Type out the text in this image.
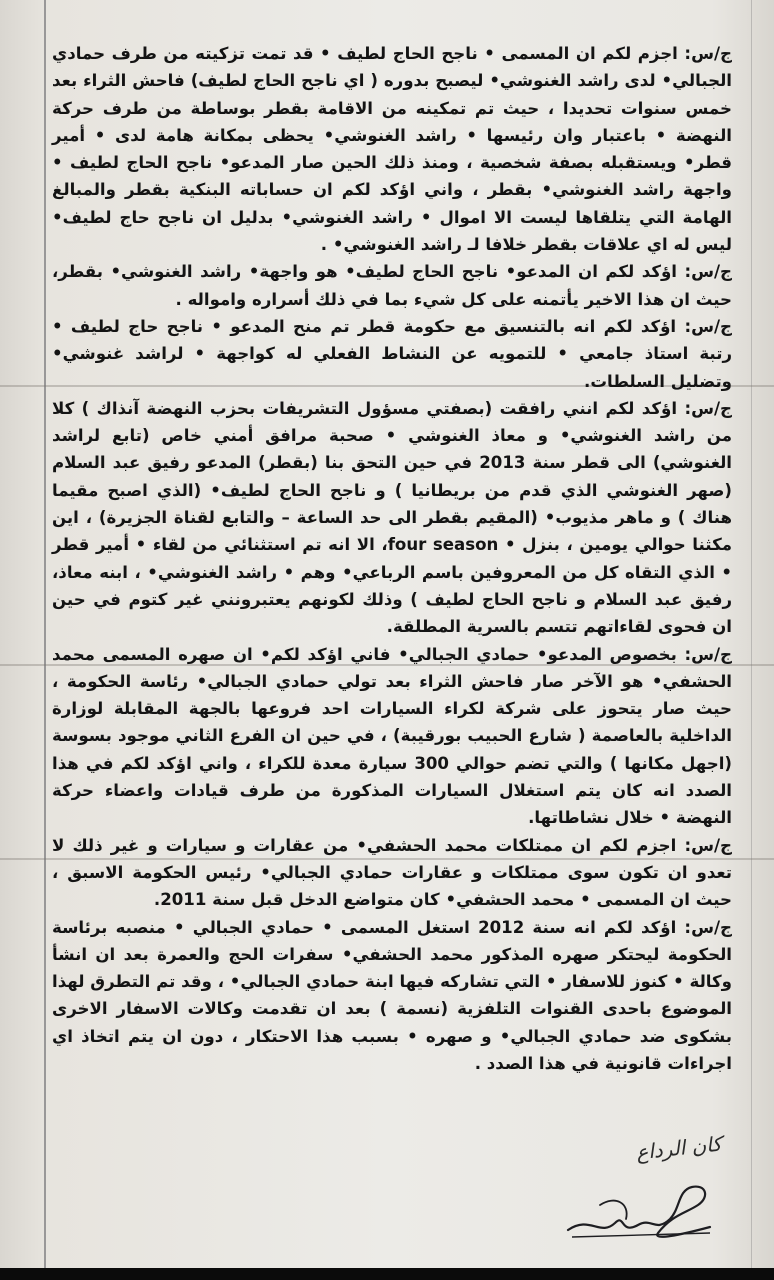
ج/س: اجزم لكم ان المسمى • ناجح الحاج لطيف • قد تمت تزكيته من طرف حمادي الجبالي• لدى راشد الغنوشي• ليصبح بدوره ( اي ناجح الحاج لطيف) فاحش الثراء بعد خمس سنوات تحديدا ، حيث تم تمكينه من الاقامة بقطر بوساطة من طرف حركة النهضة • باعتبار وان رئيسها • راشد الغنوشي• يحظى بمكانة هامة لدى • أمير قطر• ويستقبله بصفة شخصية ، ومنذ ذلك الحين صار المدعو• ناجح الحاج لطيف • واجهة راشد الغنوشي• بقطر ، واني اؤكد لكم ان حساباته البنكية بقطر والمبالغ الهامة التي يتلقاها ليست الا اموال • راشد الغنوشي• بدليل ان ناجح حاج لطيف• ليس له اي علاقات بقطر خلافا لـ راشد الغنوشي• .

ج/س: اؤكد لكم ان المدعو• ناجح الحاج لطيف• هو واجهة• راشد الغنوشي• بقطر، حيث ان هذا الاخير يأتمنه على كل شيء بما في ذلك أسراره وامواله .

ج/س: اؤكد لكم انه بالتنسيق مع حكومة قطر تم منح المدعو • ناجح حاج لطيف • رتبة استاذ جامعي • للتمويه عن النشاط الفعلي له كواجهة • لراشد غنوشي• وتضليل السلطات.

ج/س: اؤكد لكم انني رافقت (بصفتي مسؤول التشريفات بحزب النهضة آنذاك ) كلا من راشد الغنوشي• و معاذ الغنوشي • صحبة مرافق أمني خاص (تابع لراشد الغنوشي) الى قطر سنة 2013 في حين التحق بنا (بقطر) المدعو رفيق عبد السلام (صهر الغنوشي الذي قدم من بريطانيا ) و ناجح الحاج لطيف• (الذي اصبح مقيما هناك ) و ماهر مذيوب• (المقيم بقطر الى حد الساعة – والتابع لقناة الجزيرة) ، اين مكثنا حوالي يومين ، بنزل • four season، الا انه تم استثنائي من لقاء • أمير قطر • الذي التقاه كل من المعروفين باسم الرباعي• وهم • راشد الغنوشي• ، ابنه معاذ، رفيق عبد السلام و ناجح الحاج لطيف ) وذلك لكونهم يعتبرونني غير كتوم في حين ان فحوى لقاءاتهم تتسم بالسرية المطلقة.

ج/س: بخصوص المدعو• حمادي الجبالي• فاني اؤكد لكم• ان صهره المسمى محمد الحشفي• هو الآخر صار فاحش الثراء بعد تولي حمادي الجبالي• رئاسة الحكومة ، حيث صار يتحوز على شركة لكراء السيارات احد فروعها بالجهة المقابلة لوزارة الداخلية بالعاصمة ( شارع الحبيب بورقيبة) ، في حين ان الفرع الثاني موجود بسوسة (اجهل مكانها ) والتي تضم حوالي 300 سيارة معدة للكراء ، واني اؤكد لكم في هذا الصدد انه كان يتم استغلال السيارات المذكورة من طرف قيادات واعضاء حركة النهضة • خلال نشاطاتها.

ج/س: اجزم لكم ان ممتلكات محمد الحشفي• من عقارات و سيارات و غير ذلك لا تعدو ان تكون سوى ممتلكات و عقارات حمادي الجبالي• رئيس الحكومة الاسبق ، حيث ان المسمى • محمد الحشفي• كان متواضع الدخل قبل سنة 2011.

ج/س: اؤكد لكم انه سنة 2012 استغل المسمى • حمادي الجبالي • منصبه برئاسة الحكومة ليحتكر صهره المذكور محمد الحشفي• سفرات الحج والعمرة بعد ان انشأ وكالة • كنوز للاسفار • التي تشاركه فيها ابنة حمادي الجبالي• ، وقد تم التطرق لهذا الموضوع باحدى القنوات التلفزية (نسمة ) بعد ان تقدمت وكالات الاسفار الاخرى بشكوى ضد حمادي الجبالي• و صهره • بسبب هذا الاحتكار ، دون ان يتم اتخاذ اي اجراءات قانونية في هذا الصدد .

كان الرداع
